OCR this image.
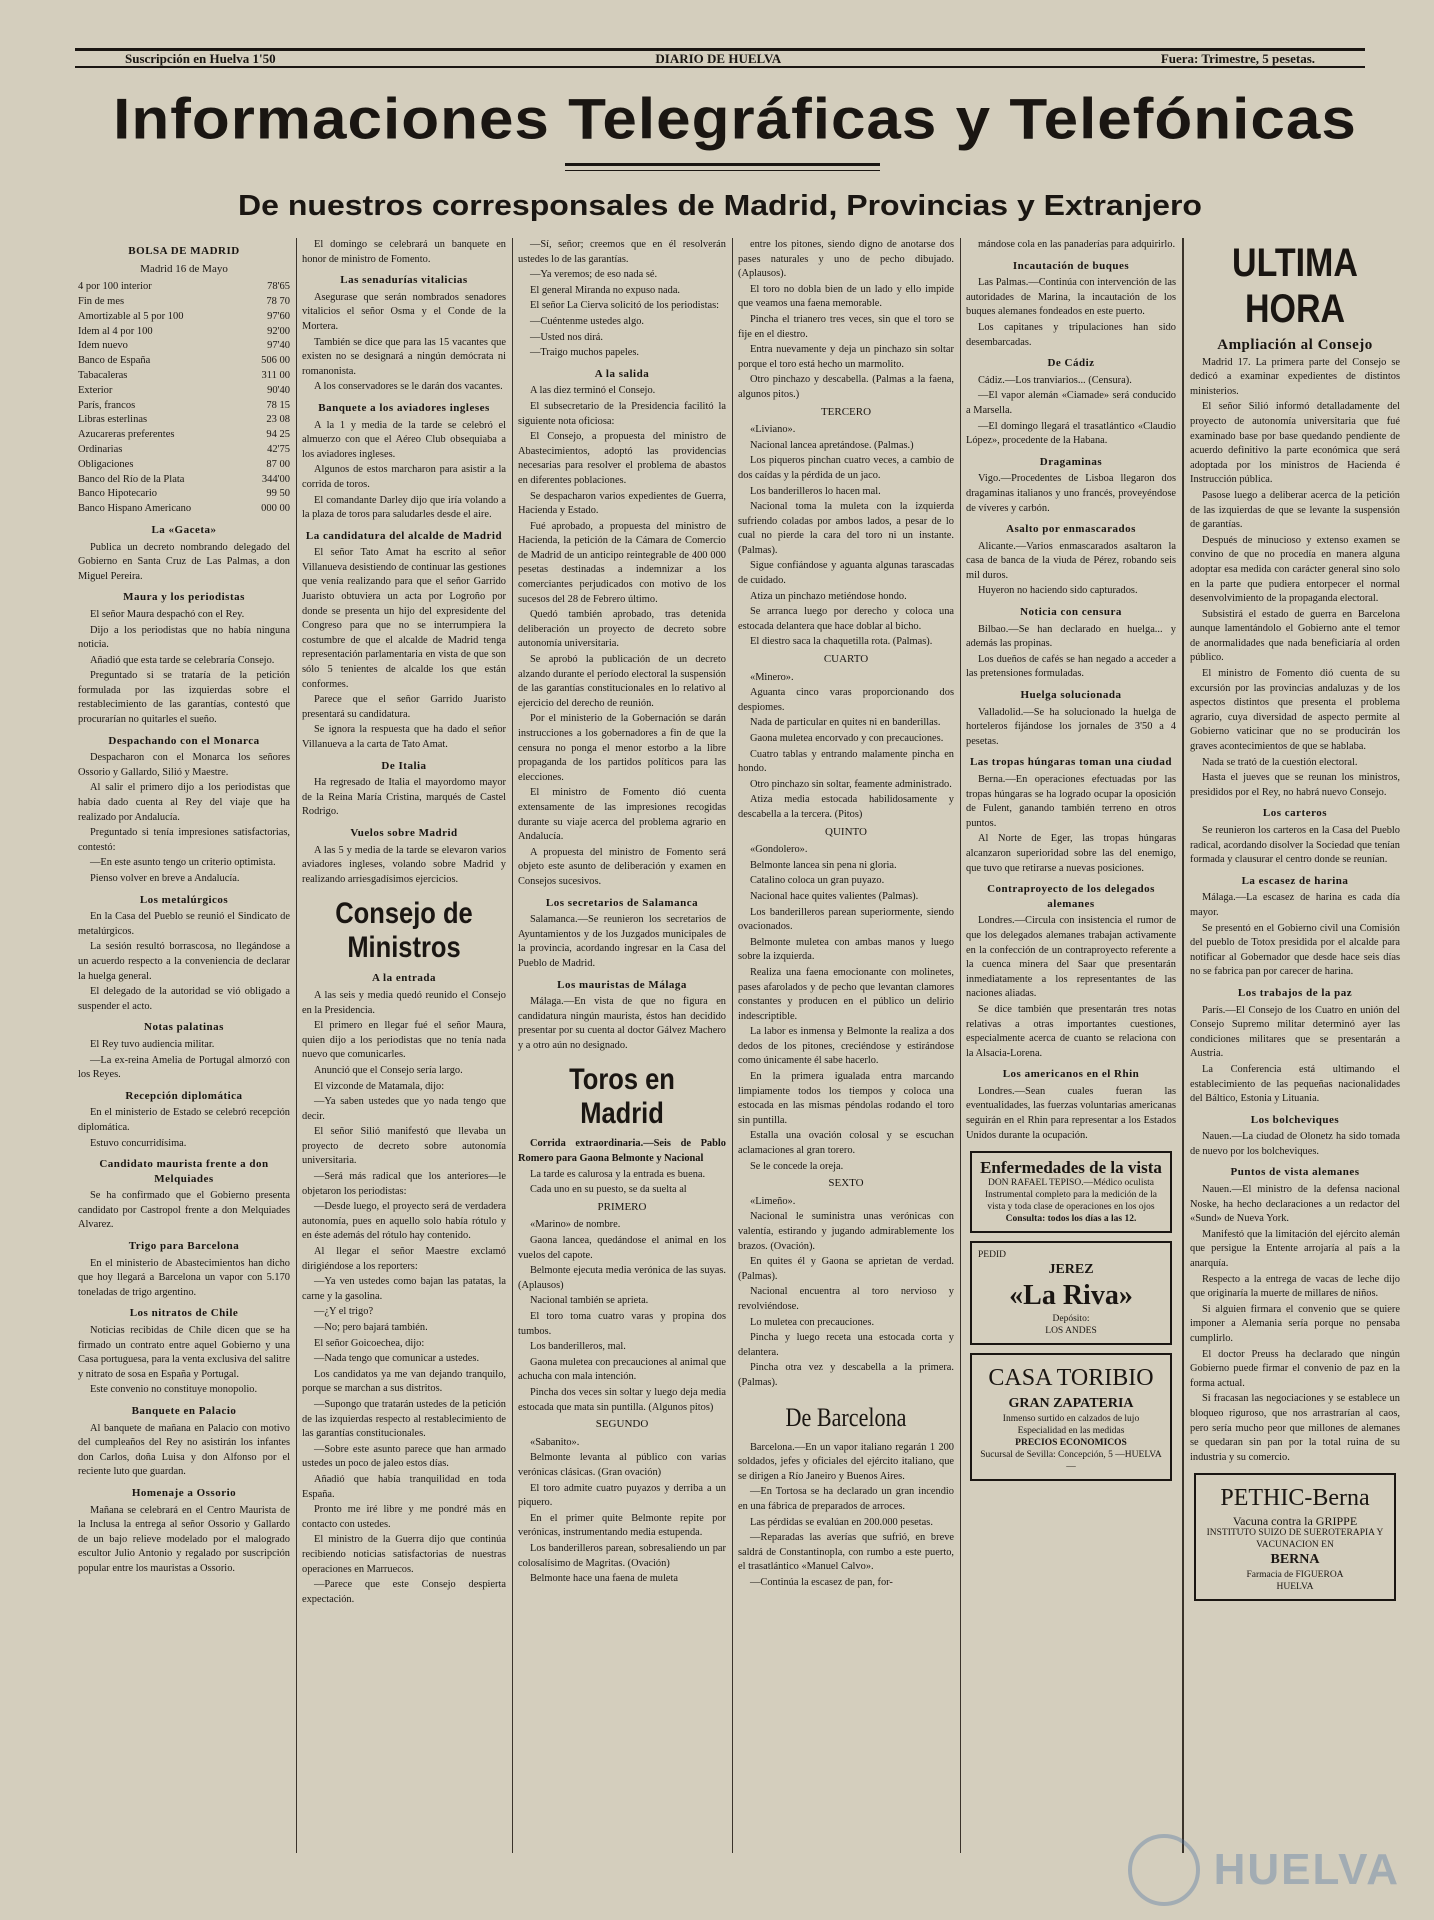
Suscripción en Huelva 1'50	DIARIO DE HUELVA	Fuera: Trimestre, 5 pesetas.
Informaciones Telegráficas y Telefónicas
De nuestros corresponsales de Madrid, Provincias y Extranjero
BOLSA DE MADRID
Madrid 16 de Mayo
4 por 100 interior	78'65
Fin de mes	78 70
Amortizable al 5 por 100	97'60
Idem al 4 por 100	92'00
Idem nuevo	97'40
Banco de España	506 00
Tabacaleras	311 00
Exterior	90'40
París, francos	78 15
Libras esterlinas	23 08
Azucareras preferentes	94 25
Ordinarias	42'75
Obligaciones	87 00
Banco del Río de la Plata	344'00
Banco Hipotecario	99 50
Banco Hispano Americano	000 00
La «Gaceta»

Publica un decreto nombrando delegado del Gobierno en Santa Cruz de Las Palmas, a don Miguel Pereira.

Maura y los periodistas

El señor Maura despachó con el Rey.

Dijo a los periodistas que no había ninguna noticia.

Añadió que esta tarde se celebraría Consejo.

Preguntado si se trataría de la petición formulada por las izquierdas sobre el restablecimiento de las garantías, contestó que procurarían no quitarles el sueño.

Despachando con el Monarca

Despacharon con el Monarca los señores Ossorio y Gallardo, Silió y Maestre.

Al salir el primero dijo a los periodistas que había dado cuenta al Rey del viaje que ha realizado por Andalucía.

Preguntado si tenía impresiones satisfactorias, contestó:

—En este asunto tengo un criterio optimista.

Pienso volver en breve a Andalucía.

Los metalúrgicos

En la Casa del Pueblo se reunió el Sindicato de metalúrgicos.

La sesión resultó borrascosa, no llegándose a un acuerdo respecto a la conveniencia de declarar la huelga general.

El delegado de la autoridad se vió obligado a suspender el acto.

Notas palatinas

El Rey tuvo audiencia militar.

—La ex-reina Amelia de Portugal almorzó con los Reyes.

Recepción diplomática

En el ministerio de Estado se celebró recepción diplomática.

Estuvo concurridísima.

Candidato maurista frente a don Melquiades

Se ha confirmado que el Gobierno presenta candidato por Castropol frente a don Melquiades Alvarez.

Trigo para Barcelona

En el ministerio de Abastecimientos han dicho que hoy llegará a Barcelona un vapor con 5.170 toneladas de trigo argentino.

Los nitratos de Chile

Noticias recibidas de Chile dicen que se ha firmado un contrato entre aquel Gobierno y una Casa portuguesa, para la venta exclusiva del salitre y nitrato de sosa en España y Portugal.

Este convenio no constituye monopolio.

Banquete en Palacio

Al banquete de mañana en Palacio con motivo del cumpleaños del Rey no asistirán los infantes don Carlos, doña Luisa y don Alfonso por el reciente luto que guardan.

Homenaje a Ossorio

Mañana se celebrará en el Centro Maurista de la Inclusa la entrega al señor Ossorio y Gallardo de un bajo relieve modelado por el malogrado escultor Julio Antonio y regalado por suscripción popular entre los mauristas a Ossorio.

El domingo se celebrará un banquete en honor de ministro de Fomento.

Las senadurías vitalicias

Asegurase que serán nombrados senadores vitalicios el señor Osma y el Conde de la Mortera.

También se dice que para las 15 vacantes que existen no se designará a ningún demócrata ni romanonista.

A los conservadores se le darán dos vacantes.

Banquete a los aviadores ingleses

A la 1 y media de la tarde se celebró el almuerzo con que el Aéreo Club obsequiaba a los aviadores ingleses.

Algunos de estos marcharon para asistir a la corrida de toros.

El comandante Darley dijo que iría volando a la plaza de toros para saludarles desde el aire.

La candidatura del alcalde de Madrid

El señor Tato Amat ha escrito al señor Villanueva desistiendo de continuar las gestiones que venía realizando para que el señor Garrido Juaristo obtuviera un acta por Logroño por donde se presenta un hijo del expresidente del Congreso para que no se interrumpiera la costumbre de que el alcalde de Madrid tenga representación parlamentaria en vista de que son sólo 5 tenientes de alcalde los que están conformes.

Parece que el señor Garrido Juaristo presentará su candidatura.

Se ignora la respuesta que ha dado el señor Villanueva a la carta de Tato Amat.

De Italia

Ha regresado de Italia el mayordomo mayor de la Reina María Cristina, marqués de Castel Rodrigo.

Vuelos sobre Madrid

A las 5 y media de la tarde se elevaron varios aviadores ingleses, volando sobre Madrid y realizando arriesgadísimos ejercicios.

Consejo de Ministros
A la entrada

A las seis y media quedó reunido el Consejo en la Presidencia.

El primero en llegar fué el señor Maura, quien dijo a los periodistas que no tenía nada nuevo que comunicarles.

Anunció que el Consejo sería largo.

El vizconde de Matamala, dijo:

—Ya saben ustedes que yo nada tengo que decir.

El señor Silió manifestó que llevaba un proyecto de decreto sobre autonomía universitaria.

—Será más radical que los anteriores—le objetaron los periodistas:

—Desde luego, el proyecto será de verdadera autonomía, pues en aquello solo había rótulo y en éste además del rótulo hay contenido.

Al llegar el señor Maestre exclamó dirigiéndose a los reporters:

—Ya ven ustedes como bajan las patatas, la carne y la gasolina.

—¿Y el trigo?

—No; pero bajará también.

El señor Goicoechea, dijo:

—Nada tengo que comunicar a ustedes.

Los candidatos ya me van dejando tranquilo, porque se marchan a sus distritos.

—Supongo que tratarán ustedes de la petición de las izquierdas respecto al restablecimiento de las garantías constitucionales.

—Sobre este asunto parece que han armado ustedes un poco de jaleo estos días.

Añadió que había tranquilidad en toda España.

Pronto me iré libre y me pondré más en contacto con ustedes.

El ministro de la Guerra dijo que continúa recibiendo noticias satisfactorias de nuestras operaciones en Marruecos.

—Parece que este Consejo despierta expectación.

—Sí, señor; creemos que en él resolverán ustedes lo de las garantías.

—Ya veremos; de eso nada sé.

El general Miranda no expuso nada.

El señor La Cierva solicitó de los periodistas:

—Cuéntenme ustedes algo.

—Usted nos dirá.

—Traigo muchos papeles.

A la salida

A las diez terminó el Consejo.

El subsecretario de la Presidencia facilitó la siguiente nota oficiosa:

El Consejo, a propuesta del ministro de Abastecimientos, adoptó las providencias necesarias para resolver el problema de abastos en diferentes poblaciones.

Se despacharon varios expedientes de Guerra, Hacienda y Estado.

Fué aprobado, a propuesta del ministro de Hacienda, la petición de la Cámara de Comercio de Madrid de un anticipo reintegrable de 400 000 pesetas destinadas a indemnizar a los comerciantes perjudicados con motivo de los sucesos del 28 de Febrero último.

Quedó también aprobado, tras detenida deliberación un proyecto de decreto sobre autonomía universitaria.

Se aprobó la publicación de un decreto alzando durante el período electoral la suspensión de las garantías constitucionales en lo relativo al ejercicio del derecho de reunión.

Por el ministerio de la Gobernación se darán instrucciones a los gobernadores a fin de que la censura no ponga el menor estorbo a la libre propaganda de los partidos políticos para las elecciones.

El ministro de Fomento dió cuenta extensamente de las impresiones recogidas durante su viaje acerca del problema agrario en Andalucía.

A propuesta del ministro de Fomento será objeto este asunto de deliberación y examen en Consejos sucesivos.

Los secretarios de Salamanca

Salamanca.—Se reunieron los secretarios de Ayuntamientos y de los Juzgados municipales de la provincia, acordando ingresar en la Casa del Pueblo de Madrid.

Los mauristas de Málaga

Málaga.—En vista de que no figura en candidatura ningún maurista, éstos han decidido presentar por su cuenta al doctor Gálvez Machero y a otro aún no designado.

Toros en Madrid

Corrida extraordinaria.—Seis de Pablo Romero para Gaona Belmonte y Nacional

La tarde es calurosa y la entrada es buena.

Cada uno en su puesto, se da suelta al

PRIMERO

«Marino» de nombre.

Gaona lancea, quedándose el animal en los vuelos del capote.

Belmonte ejecuta media verónica de las suyas. (Aplausos)

Nacional también se aprieta.

El toro toma cuatro varas y propina dos tumbos.

Los banderilleros, mal.

Gaona muletea con precauciones al animal que achucha con mala intención.

Pincha dos veces sin soltar y luego deja media estocada que mata sin puntilla. (Algunos pitos)

SEGUNDO

«Sabanito».

Belmonte levanta al público con varias verónicas clásicas. (Gran ovación)

El toro admite cuatro puyazos y derriba a un piquero.

En el primer quite Belmonte repite por verónicas, instrumentando media estupenda.

Los banderilleros parean, sobresaliendo un par colosalísimo de Magritas. (Ovación)

Belmonte hace una faena de muleta

entre los pitones, siendo digno de anotarse dos pases naturales y uno de pecho dibujado. (Aplausos).

El toro no dobla bien de un lado y ello impide que veamos una faena memorable.

Pincha el trianero tres veces, sin que el toro se fije en el diestro.

Entra nuevamente y deja un pinchazo sin soltar porque el toro está hecho un marmolito.

Otro pinchazo y descabella. (Palmas a la faena, algunos pitos.)

TERCERO

«Liviano».

Nacional lancea apretándose. (Palmas.)

Los piqueros pinchan cuatro veces, a cambio de dos caídas y la pérdida de un jaco.

Los banderilleros lo hacen mal.

Nacional toma la muleta con la izquierda sufriendo coladas por ambos lados, a pesar de lo cual no pierde la cara del toro ni un instante. (Palmas).

Sigue confiándose y aguanta algunas tarascadas de cuidado.

Atiza un pinchazo metiéndose hondo.

Se arranca luego por derecho y coloca una estocada delantera que hace doblar al bicho.

El diestro saca la chaquetilla rota. (Palmas).

CUARTO

«Minero».

Aguanta cinco varas proporcionando dos despiomes.

Nada de particular en quites ni en banderillas.

Gaona muletea encorvado y con precauciones.

Cuatro tablas y entrando malamente pincha en hondo.

Otro pinchazo sin soltar, feamente administrado.

Atiza media estocada habilidosamente y descabella a la tercera. (Pitos)

QUINTO

«Gondolero».

Belmonte lancea sin pena ni gloria.

Catalino coloca un gran puyazo.

Nacional hace quites valientes (Palmas).

Los banderilleros parean superiormente, siendo ovacionados.

Belmonte muletea con ambas manos y luego sobre la izquierda.

Realiza una faena emocionante con molinetes, pases afarolados y de pecho que levantan clamores constantes y producen en el público un delirio indescriptible.

La labor es inmensa y Belmonte la realiza a dos dedos de los pitones, creciéndose y estirándose como únicamente él sabe hacerlo.

En la primera igualada entra marcando limpiamente todos los tiempos y coloca una estocada en las mismas péndolas rodando el toro sin puntilla.

Estalla una ovación colosal y se escuchan aclamaciones al gran torero.

Se le concede la oreja.

SEXTO

«Limeño».

Nacional le suministra unas verónicas con valentía, estirando y jugando admirablemente los brazos. (Ovación).

En quites él y Gaona se aprietan de verdad. (Palmas).

Nacional encuentra al toro nervioso y revolviéndose.

Lo muletea con precauciones.

Pincha y luego receta una estocada corta y delantera.

Pincha otra vez y descabella a la primera. (Palmas).

De Barcelona

Barcelona.—En un vapor italiano regarán 1 200 soldados, jefes y oficiales del ejército italiano, que se dirigen a Río Janeiro y Buenos Aires.

—En Tortosa se ha declarado un gran incendio en una fábrica de preparados de arroces.

Las pérdidas se evalúan en 200.000 pesetas.

—Reparadas las averías que sufrió, en breve saldrá de Constantinopla, con rumbo a este puerto, el trasatlántico «Manuel Calvo».

—Continúa la escasez de pan, for-

mándose cola en las panaderías para adquirirlo.

Incautación de buques

Las Palmas.—Continúa con intervención de las autoridades de Marina, la incautación de los buques alemanes fondeados en este puerto.

Los capitanes y tripulaciones han sido desembarcadas.

De Cádiz

Cádiz.—Los tranviarios... (Censura).

—El vapor alemán «Ciamade» será conducido a Marsella.

—El domingo llegará el trasatlántico «Claudio López», procedente de la Habana.

Dragaminas

Vigo.—Procedentes de Lisboa llegaron dos dragaminas italianos y uno francés, proveyéndose de víveres y carbón.

Asalto por enmascarados

Alicante.—Varios enmascarados asaltaron la casa de banca de la viuda de Pérez, robando seis mil duros.

Huyeron no haciendo sido capturados.

Noticia con censura

Bilbao.—Se han declarado en huelga... y además las propinas.

Los dueños de cafés se han negado a acceder a las pretensiones formuladas.

Huelga solucionada

Valladolid.—Se ha solucionado la huelga de horteleros fijándose los jornales de 3'50 a 4 pesetas.

Las tropas húngaras toman una ciudad

Berna.—En operaciones efectuadas por las tropas húngaras se ha logrado ocupar la oposición de Fulent, ganando también terreno en otros puntos.

Al Norte de Eger, las tropas húngaras alcanzaron superioridad sobre las del enemigo, que tuvo que retirarse a nuevas posiciones.

Contraproyecto de los delegados alemanes

Londres.—Circula con insistencia el rumor de que los delegados alemanes trabajan activamente en la confección de un contraproyecto referente a la cuenca minera del Saar que presentarán inmediatamente a los representantes de las naciones aliadas.

Se dice también que presentarán tres notas relativas a otras importantes cuestiones, especialmente acerca de cuanto se relaciona con la Alsacia-Lorena.

Los americanos en el Rhin

Londres.—Sean cuales fueran las eventualidades, las fuerzas voluntarias americanas seguirán en el Rhin para representar a los Estados Unidos durante la ocupación.

Enfermedades de la vista
DON RAFAEL TEPISO.—Médico oculista
Instrumental completo para la medición de la vista y toda clase de operaciones en los ojos
Consulta: todos los días a las 12.
PEDID
JEREZ
«La Riva»
Depósito:
LOS ANDES
CASA TORIBIO
GRAN ZAPATERIA
Inmenso surtido en calzados de lujo
Especialidad en las medidas
PRECIOS ECONOMICOS
Sucursal de Sevilla: Concepción, 5 —HUELVA—
ULTIMA HORA
Ampliación al Consejo

Madrid 17. La primera parte del Consejo se dedicó a examinar expedientes de distintos ministerios.

El señor Silió informó detalladamente del proyecto de autonomía universitaria que fué examinado base por base quedando pendiente de acuerdo definitivo la parte económica que será adoptada por los ministros de Hacienda é Instrucción pública.

Pasose luego a deliberar acerca de la petición de las izquierdas de que se levante la suspensión de garantías.

Después de minucioso y extenso examen se convino de que no procedía en manera alguna adoptar esa medida con carácter general sino solo en la parte que pudiera entorpecer el normal desenvolvimiento de la propaganda electoral.

Subsistirá el estado de guerra en Barcelona aunque lamentándolo el Gobierno ante el temor de anormalidades que nada beneficiaría al orden público.

El ministro de Fomento dió cuenta de su excursión por las provincias andaluzas y de los aspectos distintos que presenta el problema agrario, cuya diversidad de aspecto permite al Gobierno vaticinar que no se producirán los graves acontecimientos de que se hablaba.

Nada se trató de la cuestión electoral.

Hasta el jueves que se reunan los ministros, presididos por el Rey, no habrá nuevo Consejo.

Los carteros

Se reunieron los carteros en la Casa del Pueblo radical, acordando disolver la Sociedad que tenían formada y clausurar el centro donde se reunían.

La escasez de harina

Málaga.—La escasez de harina es cada día mayor.

Se presentó en el Gobierno civil una Comisión del pueblo de Totox presidida por el alcalde para notificar al Gobernador que desde hace seis días no se fabrica pan por carecer de harina.

Los trabajos de la paz

París.—El Consejo de los Cuatro en unión del Consejo Supremo militar determinó ayer las condiciones militares que se presentarán a Austria.

La Conferencia está ultimando el establecimiento de las pequeñas nacionalidades del Báltico, Estonia y Lituania.

Los bolcheviques

Nauen.—La ciudad de Olonetz ha sido tomada de nuevo por los bolcheviques.

Puntos de vista alemanes

Nauen.—El ministro de la defensa nacional Noske, ha hecho declaraciones a un redactor del «Sund» de Nueva York.

Manifestó que la limitación del ejército alemán que persigue la Entente arrojaría al país a la anarquía.

Respecto a la entrega de vacas de leche dijo que originaría la muerte de millares de niños.

Si alguien firmara el convenio que se quiere imponer a Alemania sería porque no pensaba cumplirlo.

El doctor Preuss ha declarado que ningún Gobierno puede firmar el convenio de paz en la forma actual.

Si fracasan las negociaciones y se establece un bloqueo riguroso, que nos arrastrarían al caos, pero sería mucho peor que millones de alemanes se quedaran sin pan por la total ruina de su industria y su comercio.

PETHIC-Berna
Vacuna contra la GRIPPE
INSTITUTO SUIZO DE SUEROTERAPIA Y VACUNACION EN
BERNA
Farmacia de FIGUEROA
HUELVA
HUELVA
